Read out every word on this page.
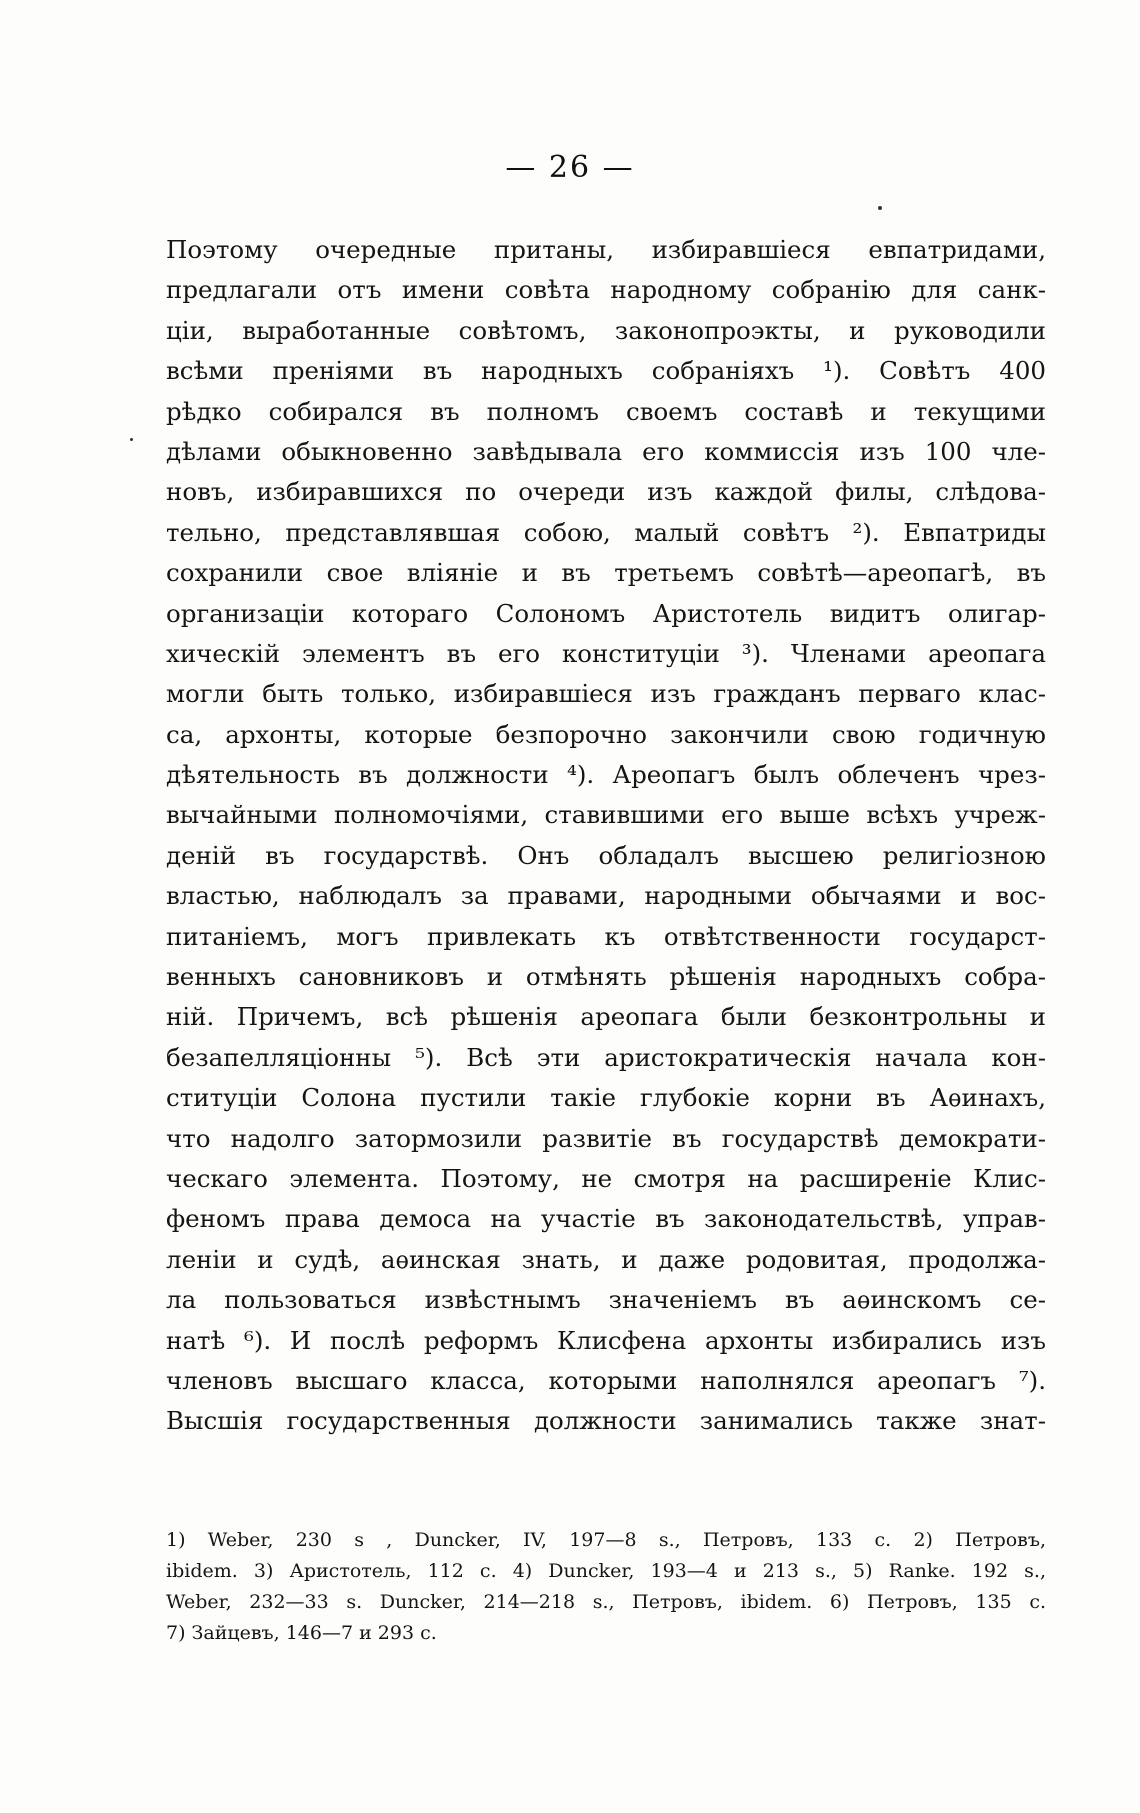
— 26 —
Поэтому очередные пританы, избиравшіеся евпатридами,
предлагали отъ имени совѣта народному собранію для санк-
ціи, выработанные совѣтомъ, законопроэкты, и руководили
всѣми преніями въ народныхъ собраніяхъ ¹). Совѣтъ 400
рѣдко собирался въ полномъ своемъ составѣ и текущими
дѣлами обыкновенно завѣдывала его коммиссія изъ 100 чле-
новъ, избиравшихся по очереди изъ каждой филы, слѣдова-
тельно, представлявшая собою, малый совѣтъ ²). Евпатриды
сохранили свое вліяніе и въ третьемъ совѣтѣ—ареопагѣ, въ
организаціи котораго Солономъ Аристотель видитъ олигар-
хическій элементъ въ его конституціи ³). Членами ареопага
могли быть только, избиравшіеся изъ гражданъ перваго клас-
са, архонты, которые безпорочно закончили свою годичную
дѣятельность въ должности ⁴). Ареопагъ былъ облеченъ чрез-
вычайными полномочіями, ставившими его выше всѣхъ учреж-
деній въ государствѣ. Онъ обладалъ высшею религіозною
властью, наблюдалъ за правами, народными обычаями и вос-
питаніемъ, могъ привлекать къ отвѣтственности государст-
венныхъ сановниковъ и отмѣнять рѣшенія народныхъ собра-
ній. Причемъ, всѣ рѣшенія ареопага были безконтрольны и
безапелляціонны ⁵). Всѣ эти аристократическія начала кон-
ституціи Солона пустили такіе глубокіе корни въ Аѳинахъ,
что надолго затормозили развитіе въ государствѣ демократи-
ческаго элемента. Поэтому, не смотря на расширеніе Клис-
феномъ права демоса на участіе въ законодательствѣ, управ-
леніи и судѣ, аѳинская знать, и даже родовитая, продолжа-
ла пользоваться извѣстнымъ значеніемъ въ аѳинскомъ се-
натѣ ⁶). И послѣ реформъ Клисфена архонты избирались изъ
членовъ высшаго класса, которыми наполнялся ареопагъ ⁷).
Высшія государственныя должности занимались также знат-
1) Weber, 230 s , Duncker, IV, 197—8 s., Петровъ, 133 с. 2) Петровъ,
ibidem. 3) Аристотель, 112 с. 4) Duncker, 193—4 и 213 s., 5) Ranke. 192 s.,
Weber, 232—33 s. Duncker, 214—218 s., Петровъ, ibidem. 6) Петровъ, 135 с.
7) Зайцевъ, 146—7 и 293 с.
